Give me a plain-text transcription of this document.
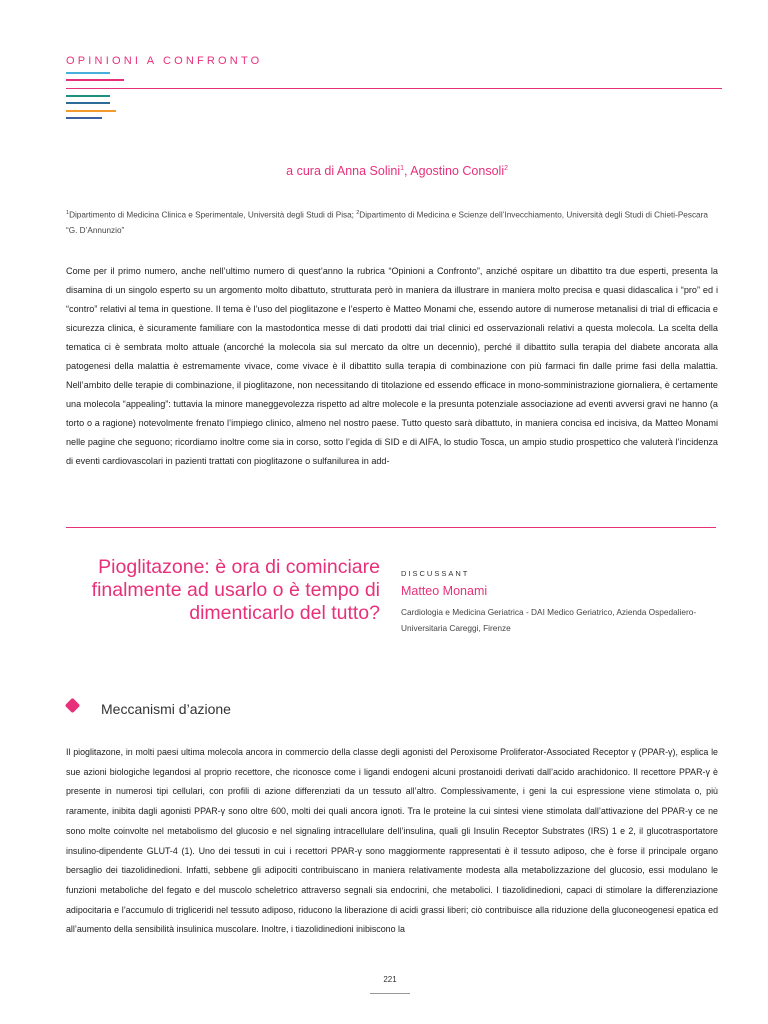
OPINIONI A CONFRONTO
a cura di Anna Solini$^1$, Agostino Consoli$^2$
$^1$Dipartimento di Medicina Clinica e Sperimentale, Università degli Studi di Pisa; $^2$Dipartimento di Medicina e Scienze dell’Invecchiamento, Università degli Studi di Chieti-Pescara “G. D’Annunzio”
Come per il primo numero, anche nell’ultimo numero di quest’anno la rubrica “Opinioni a Confronto”, anziché ospitare un dibattito tra due esperti, presenta la disamina di un singolo esperto su un argomento molto dibattuto, strutturata però in maniera da illustrare in maniera molto precisa e quasi didascalica i “pro” ed i “contro” relativi al tema in questione. Il tema è l’uso del pioglitazone e l’esperto è Matteo Monami che, essendo autore di numerose metanalisi di trial di efficacia e sicurezza clinica, è sicuramente familiare con la mastodontica messe di dati prodotti dai trial clinici ed osservazionali relativi a questa molecola. La scelta della tematica ci è sembrata molto attuale (ancorché la molecola sia sul mercato da oltre un decennio), perché il dibattito sulla terapia del diabete ancorata alla patogenesi della malattia è estremamente vivace, come vivace è il dibattito sulla terapia di combinazione con più farmaci fin dalle prime fasi della malattia. Nell’ambito delle terapie di combinazione, il pioglitazone, non necessitando di titolazione ed essendo efficace in mono-somministrazione giornaliera, è certamente una molecola “appealing”: tuttavia la minore maneggevolezza rispetto ad altre molecole e la presunta potenziale associazione ad eventi avversi gravi ne hanno (a torto o a ragione) notevolmente frenato l’impiego clinico, almeno nel nostro paese. Tutto questo sarà dibattuto, in maniera concisa ed incisiva, da Matteo Monami nelle pagine che seguono; ricordiamo inoltre come sia in corso, sotto l’egida di SID e di AIFA, lo studio Tosca, un ampio studio prospettico che valuterà l’incidenza di eventi cardiovascolari in pazienti trattati con pioglitazone o sulfanilurea in add-
Pioglitazone: è ora di cominciare finalmente ad usarlo o è tempo di dimenticarlo del tutto?
DISCUSSANT
Matteo Monami
Cardiologia e Medicina Geriatrica - DAI Medico Geriatrico, Azienda Ospedaliero-Universitaria Careggi, Firenze
Meccanismi d’azione
Il pioglitazone, in molti paesi ultima molecola ancora in commercio della classe degli agonisti del Peroxisome Proliferator-Associated Receptor γ (PPAR-γ), esplica le sue azioni biologiche legandosi al proprio recettore, che riconosce come i ligandi endogeni alcuni prostanoidi derivati dall’acido arachidonico. Il recettore PPAR-γ è presente in numerosi tipi cellulari, con profili di azione differenziati da un tessuto all’altro. Complessivamente, i geni la cui espressione viene stimolata o, più raramente, inibita dagli agonisti PPAR-γ sono oltre 600, molti dei quali ancora ignoti. Tra le proteine la cui sintesi viene stimolata dall’attivazione del PPAR-γ ce ne sono molte coinvolte nel metabolismo del glucosio e nel signaling intracellulare dell’insulina, quali gli Insulin Receptor Substrates (IRS) 1 e 2, il glucotrasportatore insulino-dipendente GLUT-4 (1). Uno dei tessuti in cui i recettori PPAR-γ sono maggiormente rappresentati è il tessuto adiposo, che è forse il principale organo bersaglio dei tiazolidinedioni. Infatti, sebbene gli adipociti contribuiscano in maniera relativamente modesta alla metabolizzazione del glucosio, essi modulano le funzioni metaboliche del fegato e del muscolo scheletrico attraverso segnali sia endocrini, che metabolici. I tiazolidinedioni, capaci di stimolare la differenziazione adipocitaria e l’accumulo di trigliceridi nel tessuto adiposo, riducono la liberazione di acidi grassi liberi; ciò contribuisce alla riduzione della gluconeogenesi epatica ed all’aumento della sensibilità insulinica muscolare. Inoltre, i tiazolidinedioni inibiscono la
221
